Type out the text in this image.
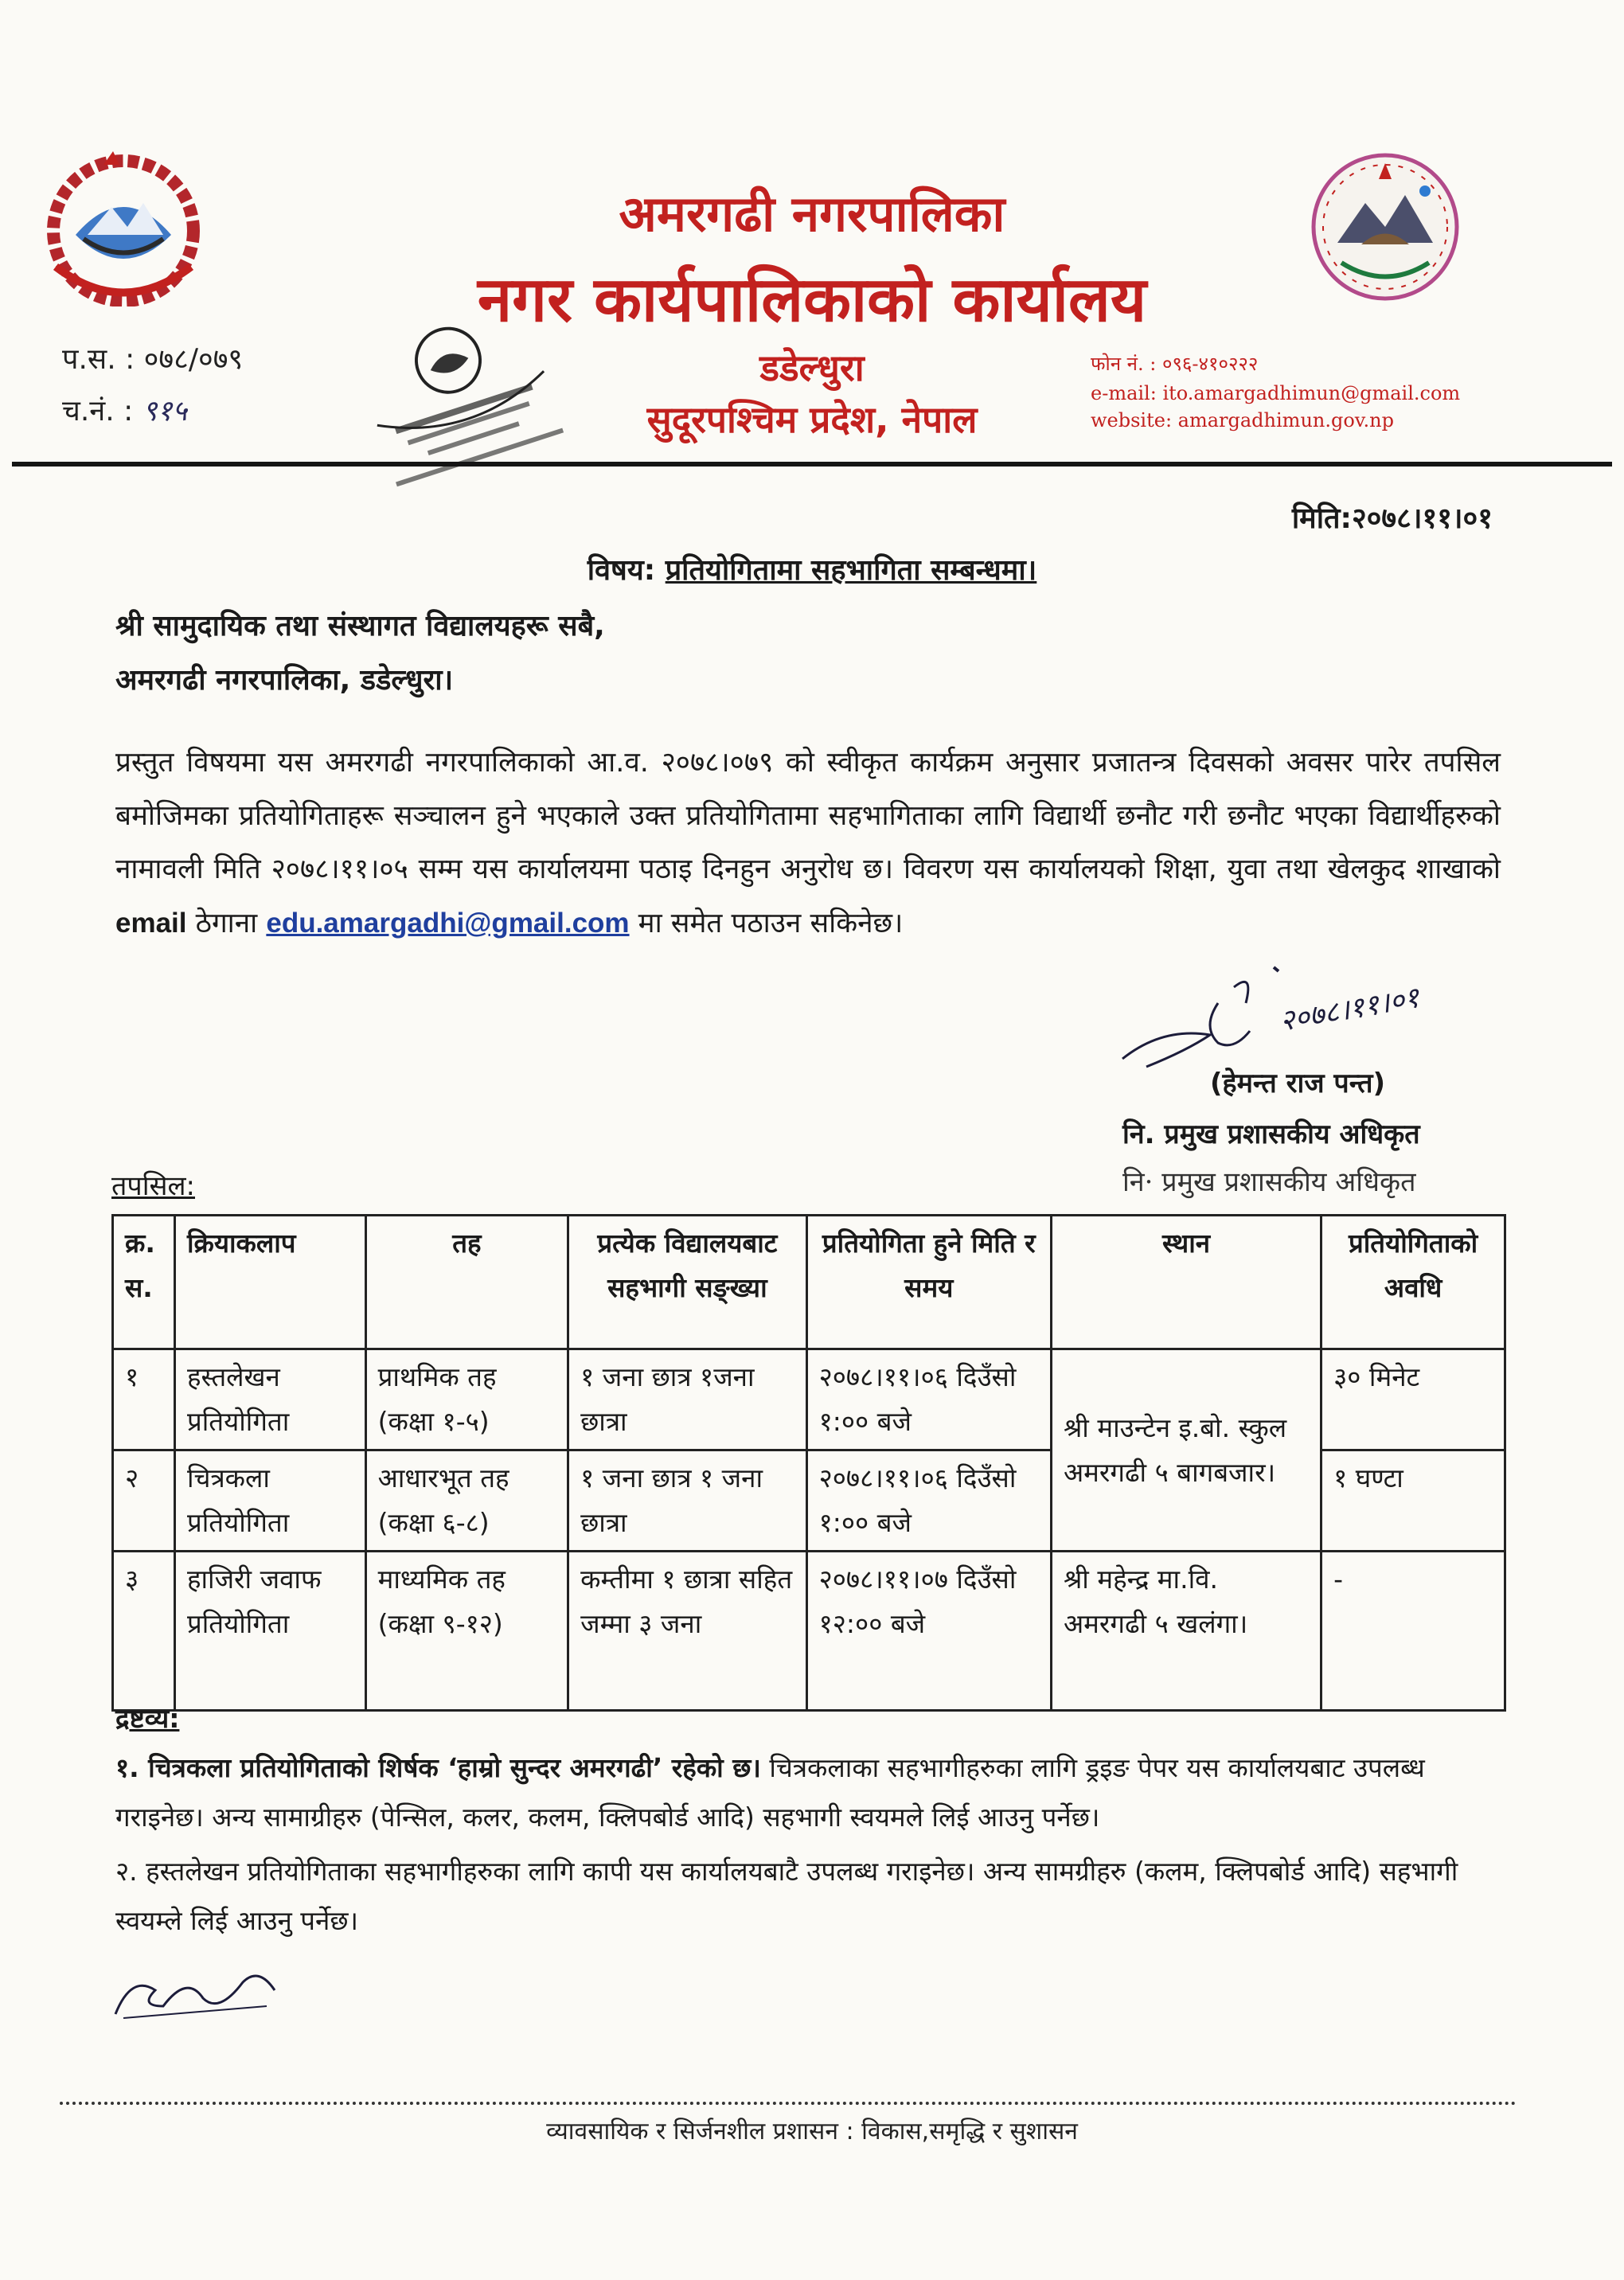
अमरगढी नगरपालिका
नगर कार्यपालिकाको कार्यालय
डडेल्धुरा
सुदूरपश्चिम प्रदेश, नेपाल
प.स. : ०७८/०७९
च.नं. : ९१५
फोन नं. : ०९६-४१०२२२
e-mail: ito.amargadhimun@gmail.com
website: amargadhimun.gov.np
मिति:२०७८।११।०१
विषय: प्रतियोगितामा सहभागिता सम्बन्धमा।
श्री सामुदायिक तथा संस्थागत विद्यालयहरू सबै,
अमरगढी नगरपालिका, डडेल्धुरा।
प्रस्तुत विषयमा यस अमरगढी नगरपालिकाको आ.व. २०७८।०७९ को स्वीकृत कार्यक्रम अनुसार प्रजातन्त्र दिवसको अवसर पारेर तपसिल बमोजिमका प्रतियोगिताहरू सञ्चालन हुने भएकाले उक्त प्रतियोगितामा सहभागिताका लागि विद्यार्थी छनौट गरी छनौट भएका विद्यार्थीहरुको नामावली मिति २०७८।११।०५ सम्म यस कार्यालयमा पठाइ दिनहुन अनुरोध छ। विवरण यस कार्यालयको शिक्षा, युवा तथा खेलकुद शाखाको email ठेगाना edu.amargadhi@gmail.com मा समेत पठाउन सकिनेछ।
२०७८।११।०१
(हेमन्त राज पन्त)
नि. प्रमुख प्रशासकीय अधिकृत
नि· प्रमुख प्रशासकीय अधिकृत
तपसिल:
क्र. स.	क्रियाकलाप	तह	प्रत्येक विद्यालयबाट सहभागी सङ्ख्या	प्रतियोगिता हुने मिति र समय	स्थान	प्रतियोगिताको अवधि
१	हस्तलेखन प्रतियोगिता	प्राथमिक तह (कक्षा १-५)	१ जना छात्र १जना छात्रा	२०७८।११।०६ दिउँसो १:०० बजे	श्री माउन्टेन इ.बो. स्कुल अमरगढी ५ बागबजार।	३० मिनेट
२	चित्रकला प्रतियोगिता	आधारभूत तह (कक्षा ६-८)	१ जना छात्र १ जना छात्रा	२०७८।११।०६ दिउँसो १:०० बजे		१ घण्टा
३	हाजिरी जवाफ प्रतियोगिता	माध्यमिक तह (कक्षा ९-१२)	कम्तीमा १ छात्रा सहित जम्मा ३ जना	२०७८।११।०७ दिउँसो १२:०० बजे	श्री महेन्द्र मा.वि. अमरगढी ५ खलंगा।	-
द्रष्टव्य:
१. चित्रकला प्रतियोगिताको शिर्षक ‘हाम्रो सुन्दर अमरगढी’ रहेको छ। चित्रकलाका सहभागीहरुका लागि ड्रइङ पेपर यस कार्यालयबाट उपलब्ध गराइनेछ। अन्य सामाग्रीहरु (पेन्सिल, कलर, कलम, क्लिपबोर्ड आदि) सहभागी स्वयमले लिई आउनु पर्नेछ।
२. हस्तलेखन प्रतियोगिताका सहभागीहरुका लागि कापी यस कार्यालयबाटै उपलब्ध गराइनेछ। अन्य सामग्रीहरु (कलम, क्लिपबोर्ड आदि) सहभागी स्वयम्ले लिई आउनु पर्नेछ।
व्यावसायिक र सिर्जनशील प्रशासन : विकास,समृद्धि र सुशासन
